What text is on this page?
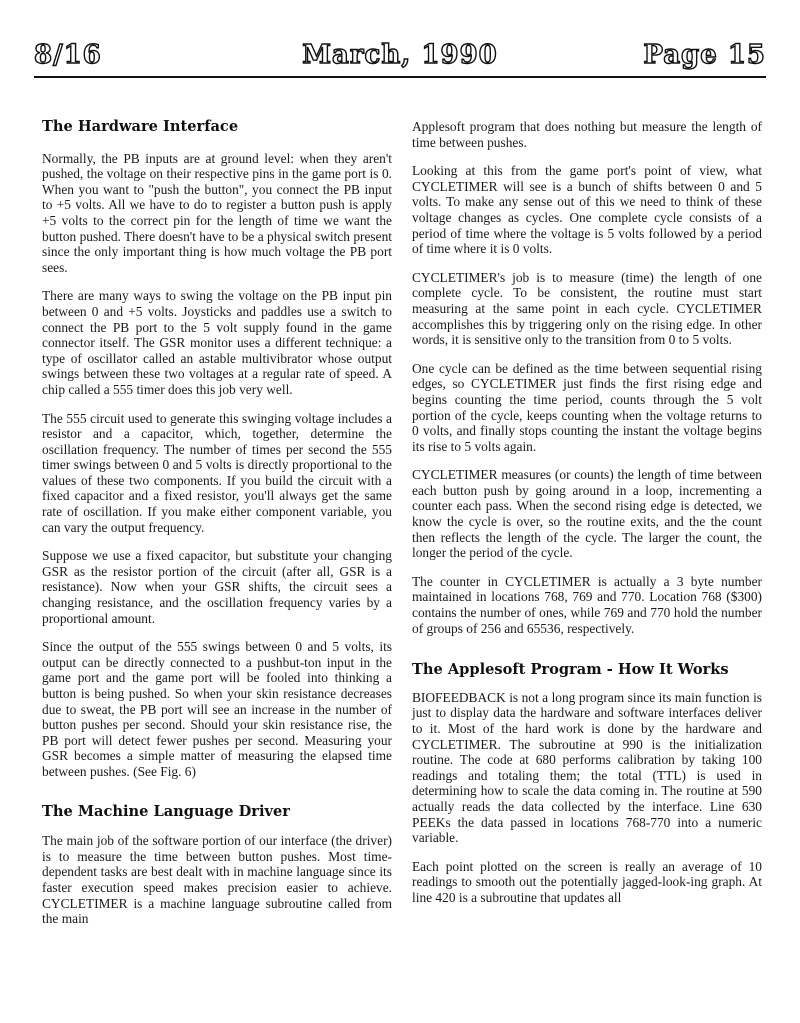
8/16	March, 1990	Page 15
The Hardware Interface

Normally, the PB inputs are at ground level: when they aren't pushed, the voltage on their respective pins in the game port is 0. When you want to "push the button", you connect the PB input to +5 volts. All we have to do to register a button push is apply +5 volts to the correct pin for the length of time we want the button pushed. There doesn't have to be a physical switch present since the only important thing is how much voltage the PB port sees.

There are many ways to swing the voltage on the PB input pin between 0 and +5 volts. Joysticks and paddles use a switch to connect the PB port to the 5 volt supply found in the game connector itself. The GSR monitor uses a different technique: a type of oscillator called an astable multivibrator whose output swings between these two voltages at a regular rate of speed. A chip called a 555 timer does this job very well.

The 555 circuit used to generate this swinging voltage includes a resistor and a capacitor, which, together, determine the oscillation frequency. The number of times per second the 555 timer swings between 0 and 5 volts is directly proportional to the values of these two components. If you build the circuit with a fixed capacitor and a fixed resistor, you'll always get the same rate of oscillation. If you make either component variable, you can vary the output frequency.

Suppose we use a fixed capacitor, but substitute your changing GSR as the resistor portion of the circuit (after all, GSR is a resistance). Now when your GSR shifts, the circuit sees a changing resistance, and the oscillation frequency varies by a proportional amount.

Since the output of the 555 swings between 0 and 5 volts, its output can be directly connected to a pushbut-ton input in the game port and the game port will be fooled into thinking a button is being pushed. So when your skin resistance decreases due to sweat, the PB port will see an increase in the number of button pushes per second. Should your skin resistance rise, the PB port will detect fewer pushes per second. Measuring your GSR becomes a simple matter of measuring the elapsed time between pushes. (See Fig. 6)

The Machine Language Driver

The main job of the software portion of our interface (the driver) is to measure the time between button pushes. Most time-dependent tasks are best dealt with in machine language since its faster execution speed makes precision easier to achieve. CYCLETIMER is a machine language subroutine called from the main

Applesoft program that does nothing but measure the length of time between pushes.

Looking at this from the game port's point of view, what CYCLETIMER will see is a bunch of shifts between 0 and 5 volts. To make any sense out of this we need to think of these voltage changes as cycles. One complete cycle consists of a period of time where the voltage is 5 volts followed by a period of time where it is 0 volts.

CYCLETIMER's job is to measure (time) the length of one complete cycle. To be consistent, the routine must start measuring at the same point in each cycle. CYCLETIMER accomplishes this by triggering only on the rising edge. In other words, it is sensitive only to the transition from 0 to 5 volts.

One cycle can be defined as the time between sequential rising edges, so CYCLETIMER just finds the first rising edge and begins counting the time period, counts through the 5 volt portion of the cycle, keeps counting when the voltage returns to 0 volts, and finally stops counting the instant the voltage begins its rise to 5 volts again.

CYCLETIMER measures (or counts) the length of time between each button push by going around in a loop, incrementing a counter each pass. When the second rising edge is detected, we know the cycle is over, so the routine exits, and the the count then reflects the length of the cycle. The larger the count, the longer the period of the cycle.

The counter in CYCLETIMER is actually a 3 byte number maintained in locations 768, 769 and 770. Location 768 ($300) contains the number of ones, while 769 and 770 hold the number of groups of 256 and 65536, respectively.

The Applesoft Program - How It Works

BIOFEEDBACK is not a long program since its main function is just to display data the hardware and software interfaces deliver to it. Most of the hard work is done by the hardware and CYCLETIMER. The subroutine at 990 is the initialization routine. The code at 680 performs calibration by taking 100 readings and totaling them; the total (TTL) is used in determining how to scale the data coming in. The routine at 590 actually reads the data collected by the interface. Line 630 PEEKs the data passed in locations 768-770 into a numeric variable.

Each point plotted on the screen is really an average of 10 readings to smooth out the potentially jagged-look-ing graph. At line 420 is a subroutine that updates all
